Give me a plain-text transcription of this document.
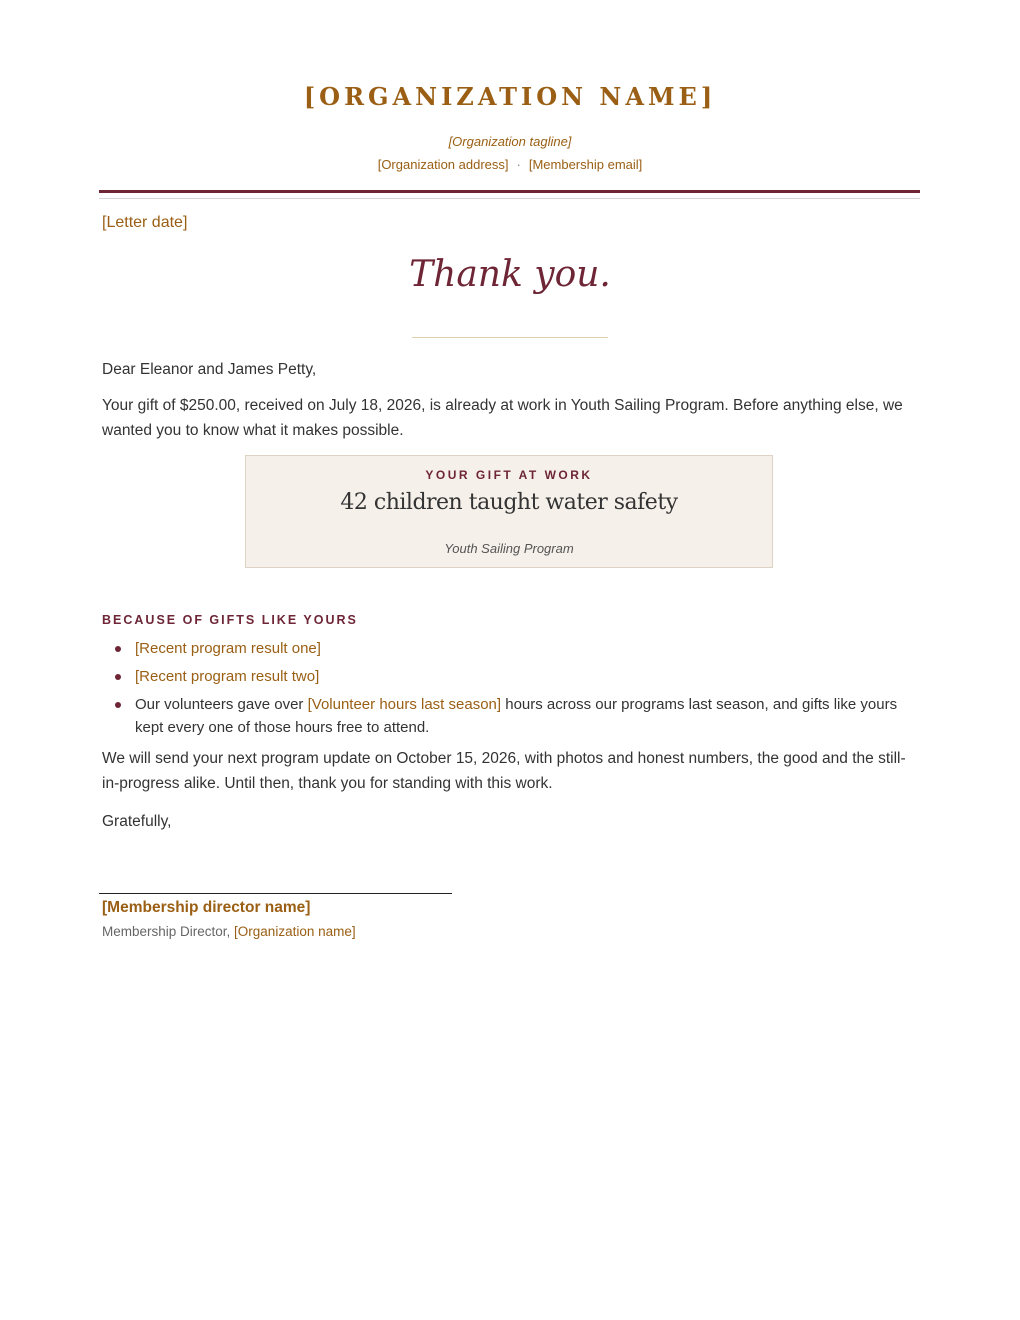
[ORGANIZATION NAME]
[Organization tagline]
[Organization address] · [Membership email]
[Letter date]
Thank you.
Dear Eleanor and James Petty,
Your gift of $250.00, received on July 18, 2026, is already at work in Youth Sailing Program. Before anything else, we wanted you to know what it makes possible.
YOUR GIFT AT WORK
42 children taught water safety
Youth Sailing Program
BECAUSE OF GIFTS LIKE YOURS
[Recent program result one]
[Recent program result two]
Our volunteers gave over [Volunteer hours last season] hours across our programs last season, and gifts like yours kept every one of those hours free to attend.
We will send your next program update on October 15, 2026, with photos and honest numbers, the good and the still-in-progress alike. Until then, thank you for standing with this work.
Gratefully,
[Membership director name]
Membership Director, [Organization name]
